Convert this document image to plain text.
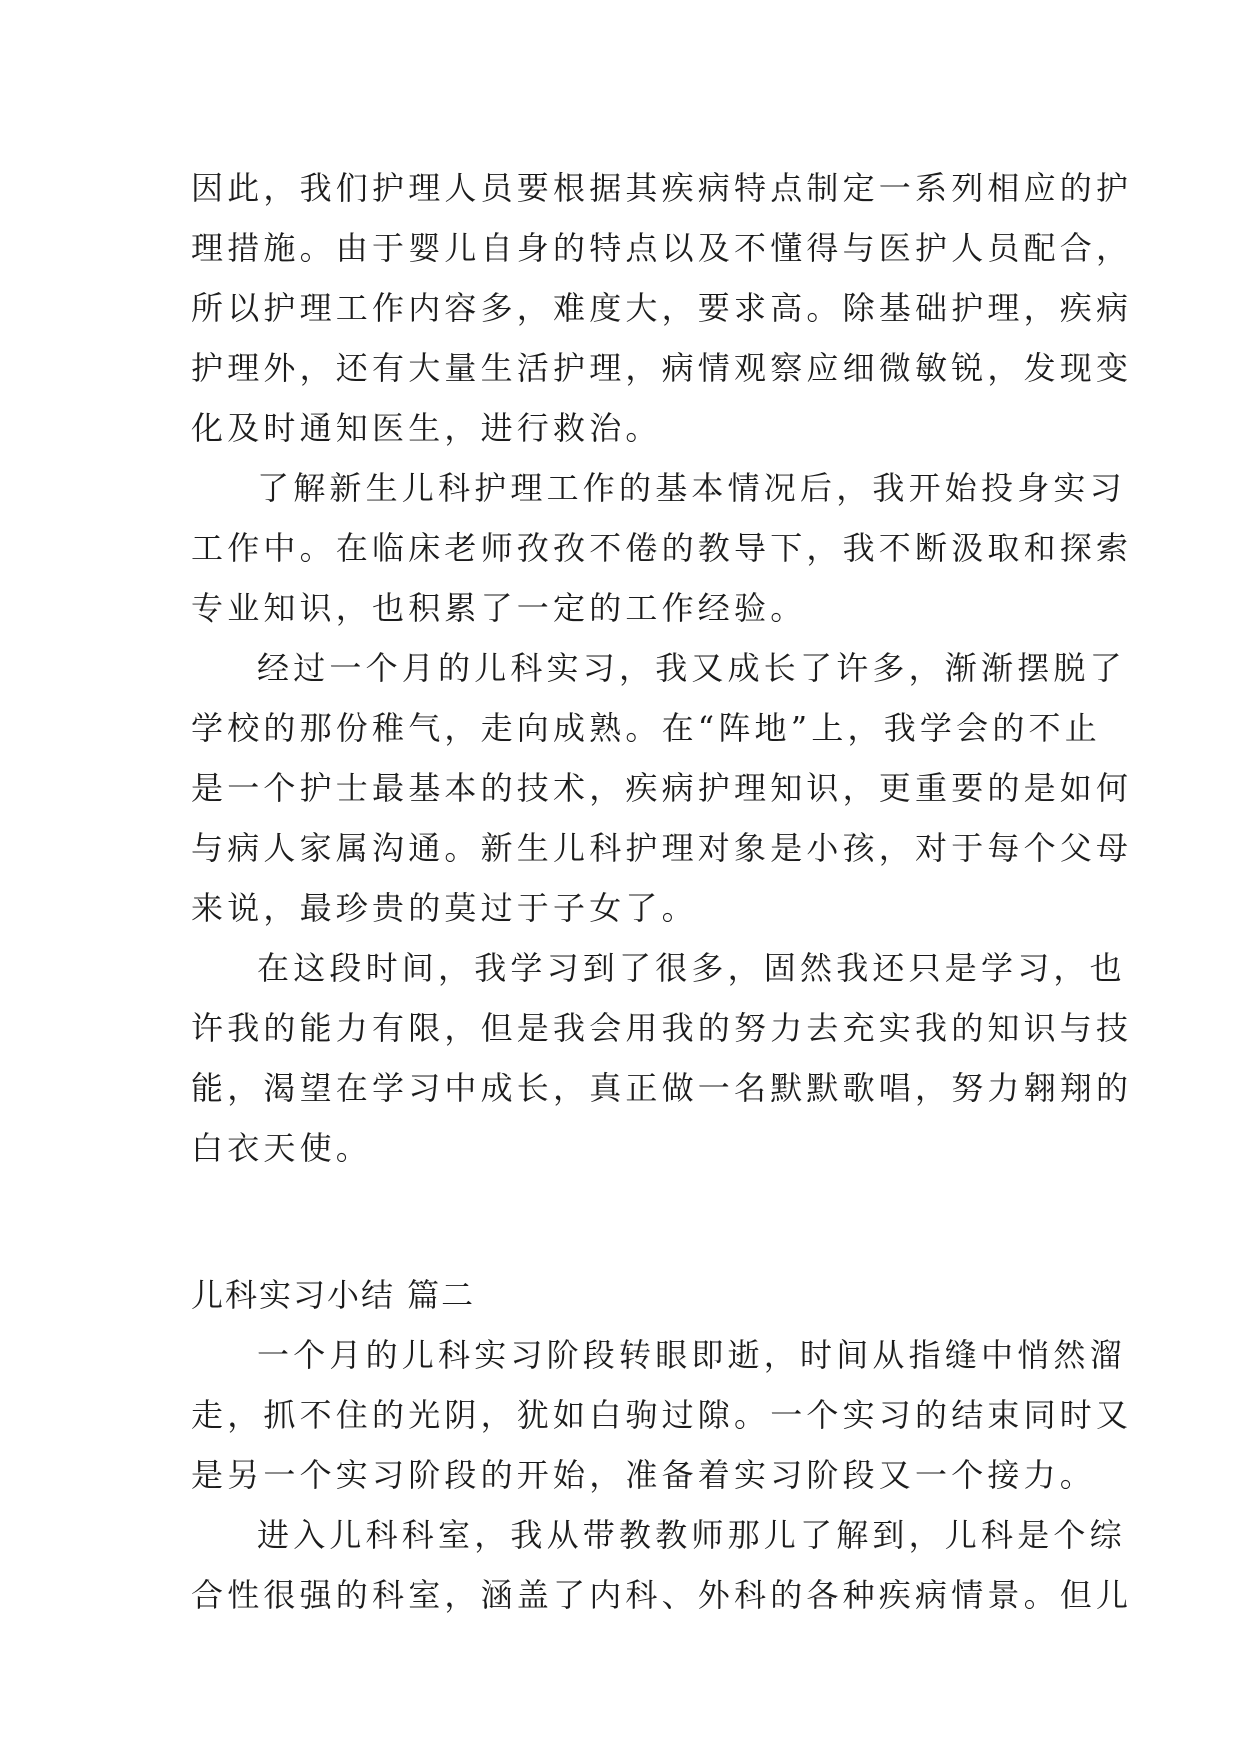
因此，我们护理人员要根据其疾病特点制定一系列相应的护
理措施。由于婴儿自身的特点以及不懂得与医护人员配合，
所以护理工作内容多，难度大，要求高。除基础护理，疾病
护理外，还有大量生活护理，病情观察应细微敏锐，发现变
化及时通知医生，进行救治。
了解新生儿科护理工作的基本情况后，我开始投身实习
工作中。在临床老师孜孜不倦的教导下，我不断汲取和探索
专业知识，也积累了一定的工作经验。
经过一个月的儿科实习，我又成长了许多，渐渐摆脱了
学校的那份稚气，走向成熟。在“阵地”上，我学会的不止
是一个护士最基本的技术，疾病护理知识，更重要的是如何
与病人家属沟通。新生儿科护理对象是小孩，对于每个父母
来说，最珍贵的莫过于子女了。
在这段时间，我学习到了很多，固然我还只是学习，也
许我的能力有限，但是我会用我的努力去充实我的知识与技
能，渴望在学习中成长，真正做一名默默歌唱，努力翱翔的
白衣天使。
儿科实习小结 篇二
一个月的儿科实习阶段转眼即逝，时间从指缝中悄然溜
走，抓不住的光阴，犹如白驹过隙。一个实习的结束同时又
是另一个实习阶段的开始，准备着实习阶段又一个接力。
进入儿科科室，我从带教教师那儿了解到，儿科是个综
合性很强的科室，涵盖了内科、外科的各种疾病情景。但儿
